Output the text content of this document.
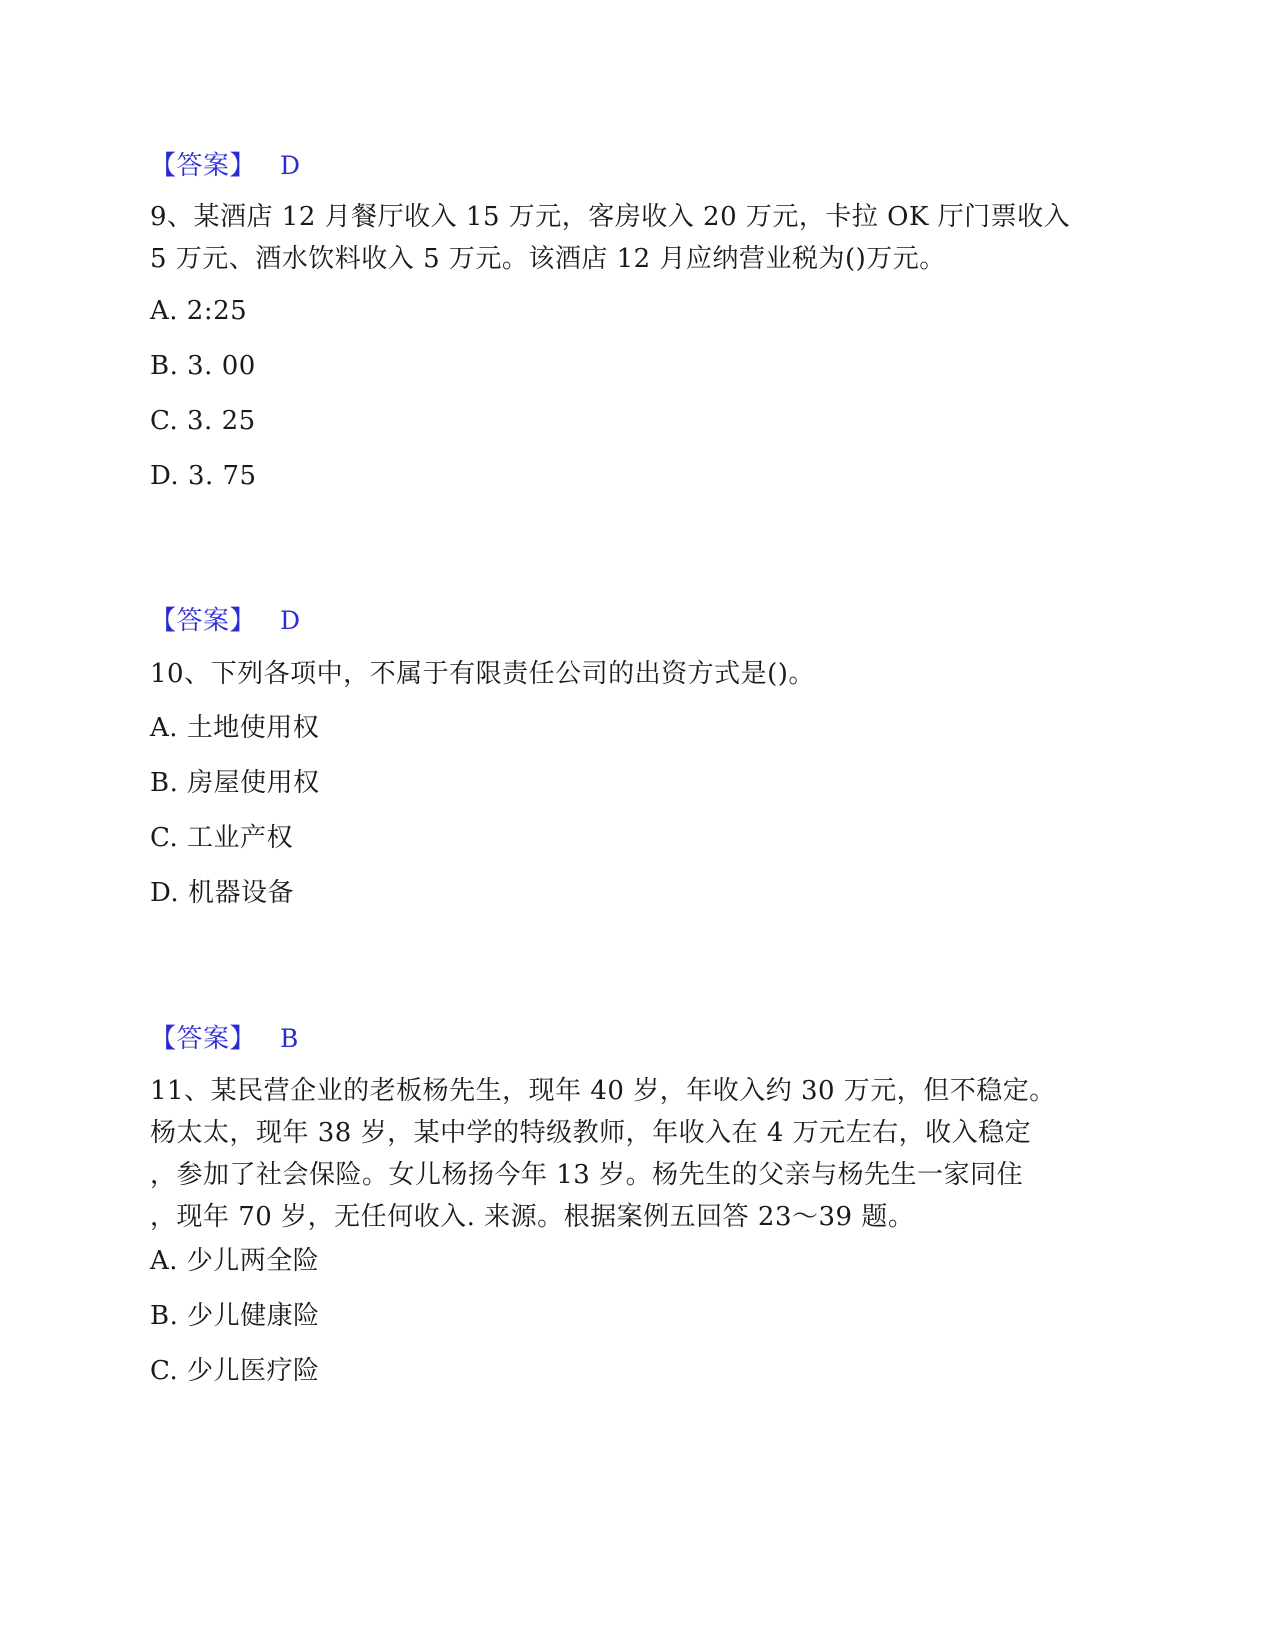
【答案】 D
9、某酒店 12 月餐厅收入 15 万元，客房收入 20 万元，卡拉 OK 厅门票收入
5 万元、酒水饮料收入 5 万元。该酒店 12 月应纳营业税为()万元。
A. 2:25
B. 3. 00
C. 3. 25
D. 3. 75
【答案】 D
10、下列各项中，不属于有限责任公司的出资方式是()。
A. 土地使用权
B. 房屋使用权
C. 工业产权
D. 机器设备
【答案】 B
11、某民营企业的老板杨先生，现年 40 岁，年收入约 30 万元，但不稳定。
杨太太，现年 38 岁，某中学的特级教师，年收入在 4 万元左右，收入稳定
，参加了社会保险。女儿杨扬今年 13 岁。杨先生的父亲与杨先生一家同住
，现年 70 岁，无任何收入. 来源。根据案例五回答 23～39 题。
A. 少儿两全险
B. 少儿健康险
C. 少儿医疗险
